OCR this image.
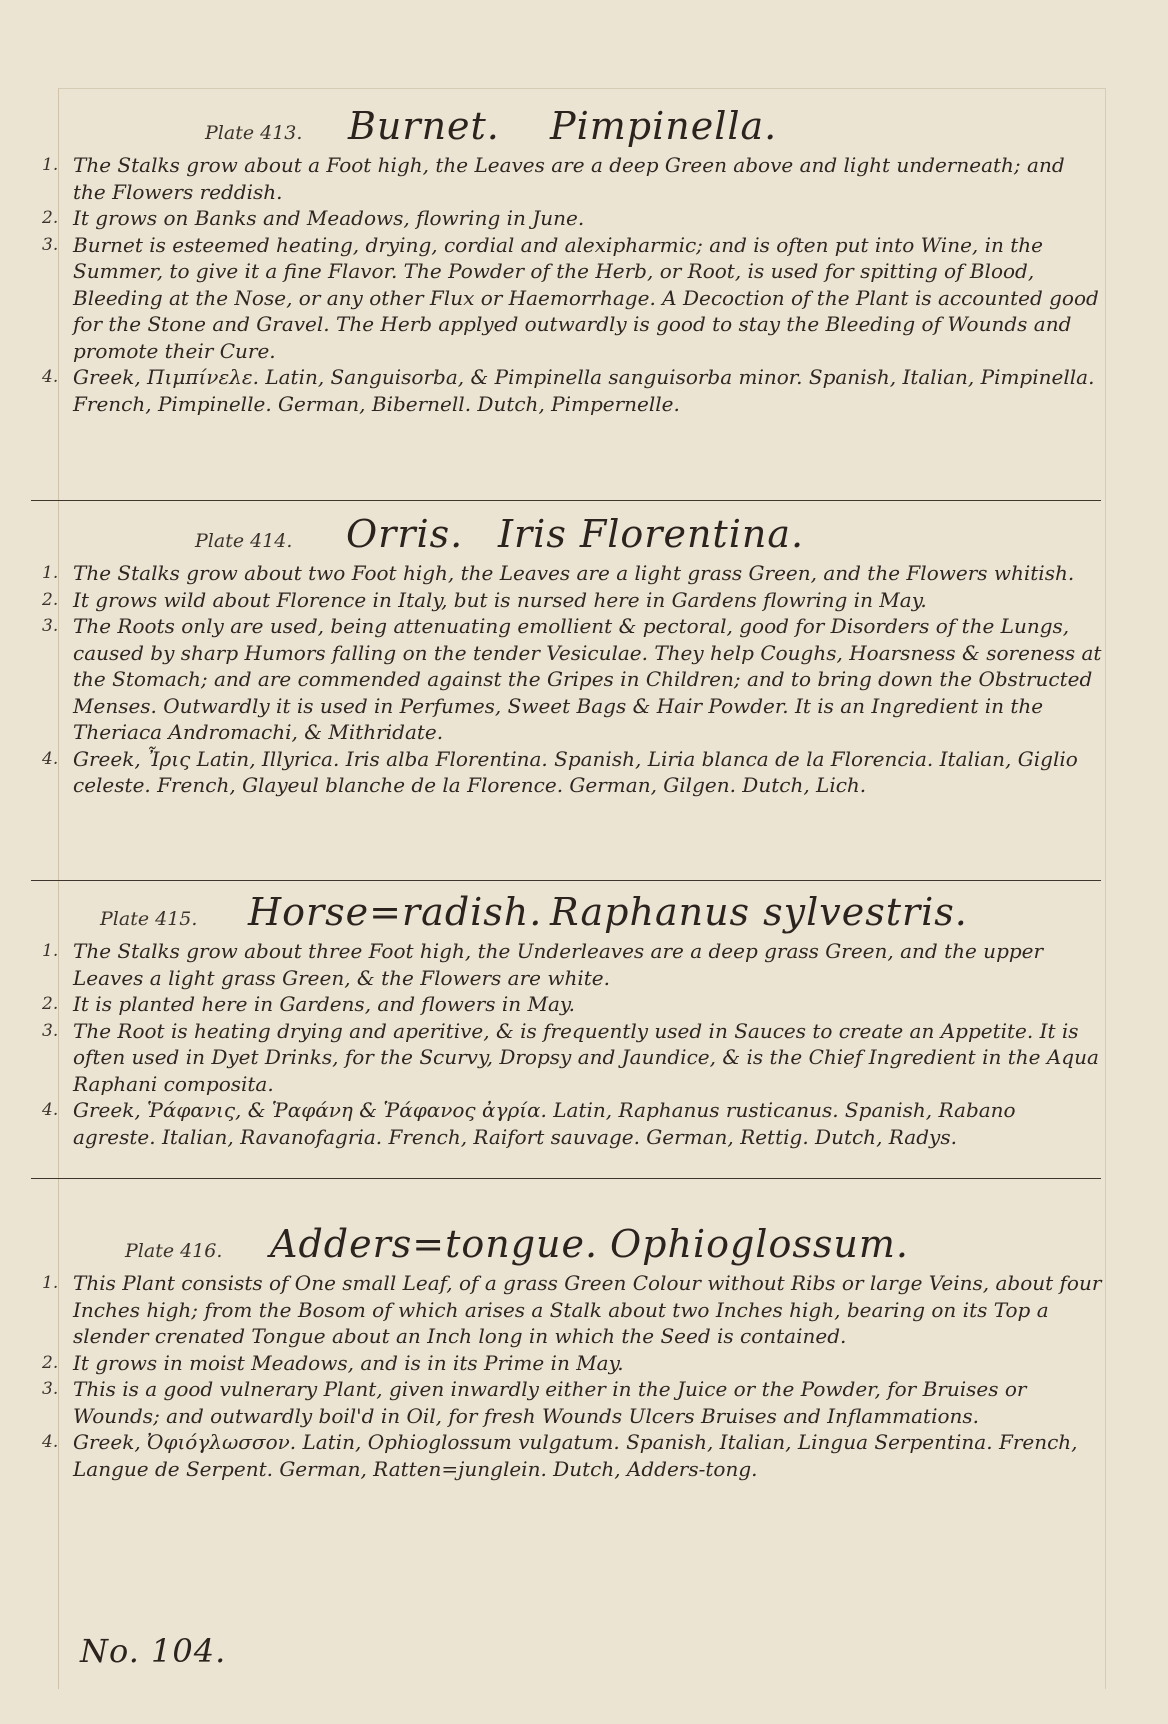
Plate 413. Burnet. Pimpinella.
1. The Stalks grow about a Foot high, the Leaves are a deep Green above and light underneath; and the Flowers reddish.
2. It grows on Banks and Meadows, flowring in June.
3. Burnet is esteemed heating, drying, cordial and alexipharmic; and is often put into Wine, in the Summer, to give it a fine Flavor. The Powder of the Herb, or Root, is used for spitting of Blood, Bleeding at the Nose, or any other Flux or Haemorrhage. A Decoction of the Plant is accounted good for the Stone and Gravel. The Herb applyed outwardly is good to stay the Bleeding of Wounds and promote their Cure.
4. Greek, Πιμπίνελε. Latin, Sanguisorba, & Pimpinella sanguisorba minor. Spanish, Italian, Pimpinella. French, Pimpinelle. German, Bibernell. Dutch, Pimpernelle.
Plate 414. Orris. Iris Florentina.
1. The Stalks grow about two Foot high, the Leaves are a light grass Green, and the Flowers whitish.
2. It grows wild about Florence in Italy, but is nursed here in Gardens flowring in May.
3. The Roots only are used, being attenuating emollient & pectoral, good for Disorders of the Lungs, caused by sharp Humors falling on the tender Vesiculae. They help Coughs, Hoarsness & soreness at the Stomach; and are commended against the Gripes in Children; and to bring down the Obstructed Menses. Outwardly it is used in Perfumes, Sweet Bags & Hair Powder. It is an Ingredient in the Theriaca Andromachi, & Mithridate.
4. Greek, Ἶρις Latin, Illyrica. Iris alba Florentina. Spanish, Liria blanca de la Florencia. Italian, Giglio celeste. French, Glayeul blanche de la Florence. German, Gilgen. Dutch, Lich.
Plate 415. Horse=radish. Raphanus sylvestris.
1. The Stalks grow about three Foot high, the Underleaves are a deep grass Green, and the upper Leaves a light grass Green, & the Flowers are white.
2. It is planted here in Gardens, and flowers in May.
3. The Root is heating drying and aperitive, & is frequently used in Sauces to create an Appetite. It is often used in Dyet Drinks, for the Scurvy, Dropsy and Jaundice, & is the Chief Ingredient in the Aqua Raphani composita.
4. Greek, Ῥάφανις, & Ῥαφάνη & Ῥάφανος ἀγρία. Latin, Raphanus rusticanus. Spanish, Rabano agreste. Italian, Ravanofagria. French, Raifort sauvage. German, Rettig. Dutch, Radys.
Plate 416. Adders=tongue. Ophioglossum.
1. This Plant consists of One small Leaf, of a grass Green Colour without Ribs or large Veins, about four Inches high; from the Bosom of which arises a Stalk about two Inches high, bearing on its Top a slender crenated Tongue about an Inch long in which the Seed is contained.
2. It grows in moist Meadows, and is in its Prime in May.
3. This is a good vulnerary Plant, given inwardly either in the Juice or the Powder, for Bruises or Wounds; and outwardly boil'd in Oil, for fresh Wounds Ulcers Bruises and Inflammations.
4. Greek, Ὀφιόγλωσσον. Latin, Ophioglossum vulgatum. Spanish, Italian, Lingua Serpentina. French, Langue de Serpent. German, Ratten=junglein. Dutch, Adders-tong.
No. 104.
